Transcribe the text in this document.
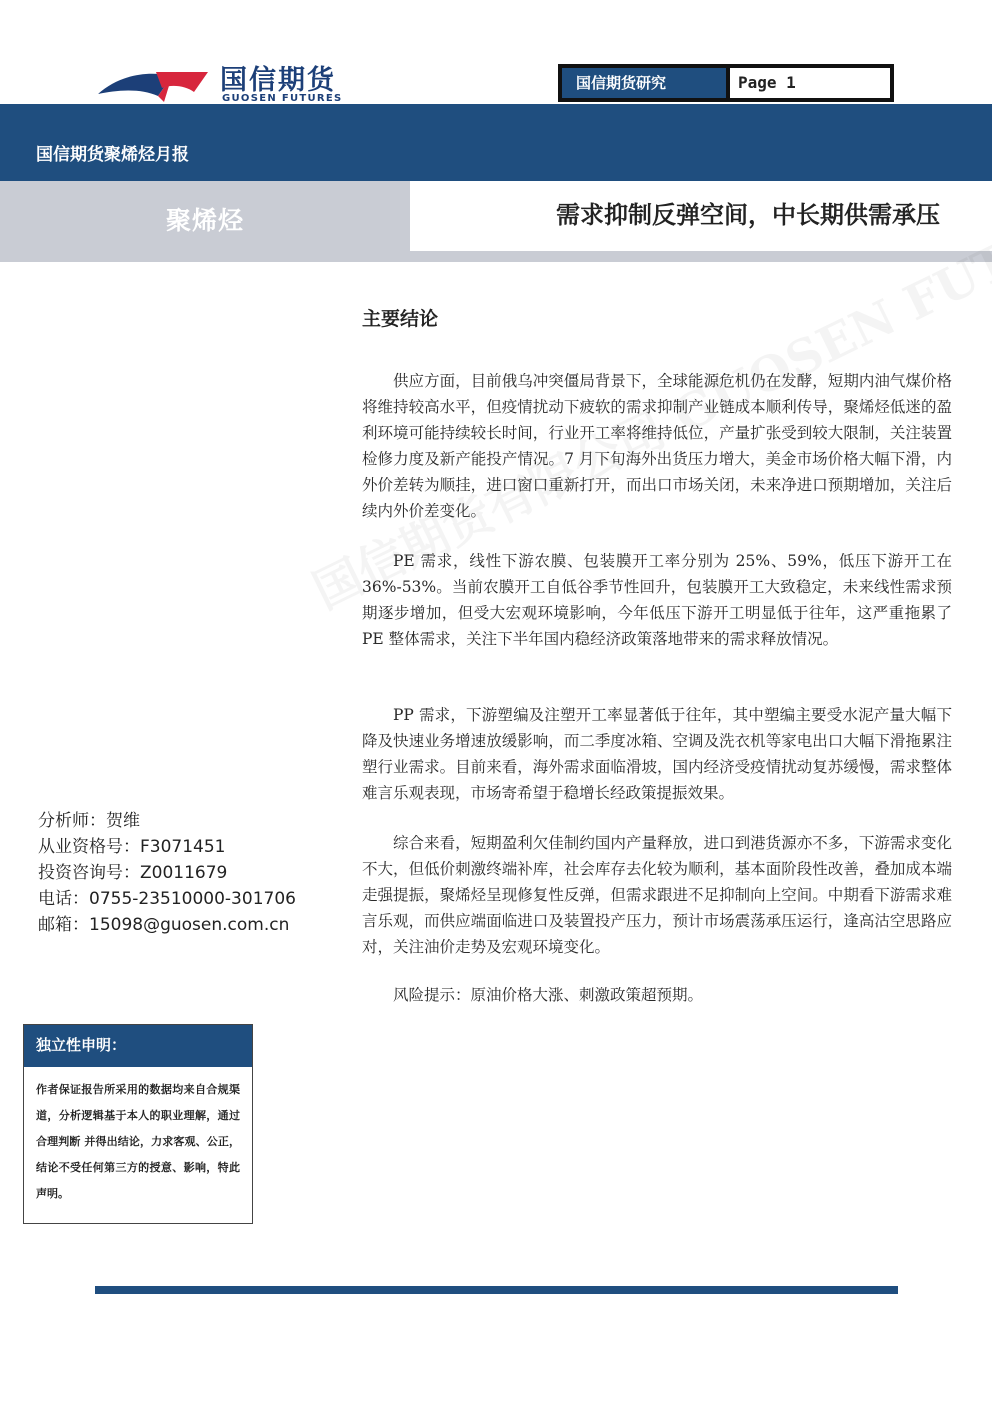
国信期货
GUOSEN FUTURES
国信期货研究	Page 1
国信期货聚烯烃月报
聚烯烃	需求抑制反弹空间，中长期供需承压
2022 年 7 月 31 日
主要结论

供应方面，目前俄乌冲突僵局背景下，全球能源危机仍在发酵，短期内油气煤价格将维持较高水平，但疫情扰动下疲软的需求抑制产业链成本顺利传导，聚烯烃低迷的盈利环境可能持续较长时间，行业开工率将维持低位，产量扩张受到较大限制，关注装置检修力度及新产能投产情况。7 月下旬海外出货压力增大，美金市场价格大幅下滑，内外价差转为顺挂，进口窗口重新打开，而出口市场关闭，未来净进口预期增加，关注后续内外价差变化。

PE 需求，线性下游农膜、包装膜开工率分别为 25%、59%，低压下游开工在 36%-53%。当前农膜开工自低谷季节性回升，包装膜开工大致稳定，未来线性需求预期逐步增加，但受大宏观环境影响，今年低压下游开工明显低于往年，这严重拖累了 PE 整体需求，关注下半年国内稳经济政策落地带来的需求释放情况。

PP 需求，下游塑编及注塑开工率显著低于往年，其中塑编主要受水泥产量大幅下降及快速业务增速放缓影响，而二季度冰箱、空调及洗衣机等家电出口大幅下滑拖累注塑行业需求。目前来看，海外需求面临滑坡，国内经济受疫情扰动复苏缓慢，需求整体难言乐观表现，市场寄希望于稳增长经政策提振效果。

综合来看，短期盈利欠佳制约国内产量释放，进口到港货源亦不多，下游需求变化不大，但低价刺激终端补库，社会库存去化较为顺利，基本面阶段性改善，叠加成本端走强提振，聚烯烃呈现修复性反弹，但需求跟进不足抑制向上空间。中期看下游需求难言乐观，而供应端面临进口及装置投产压力，预计市场震荡承压运行，逢高沽空思路应对，关注油价走势及宏观环境变化。

风险提示：原油价格大涨、刺激政策超预期。

分析师：贺维
从业资格号：F3071451
投资咨询号：Z0011679
电话：0755-23510000-301706
邮箱：15098@guosen.com.cn
独立性申明：
作者保证报告所采用的数据均来自合规渠道，分析逻辑基于本人的职业理解，通过合理判断 并得出结论，力求客观、公正，结论不受任何第三方的授意、影响，特此声明。
